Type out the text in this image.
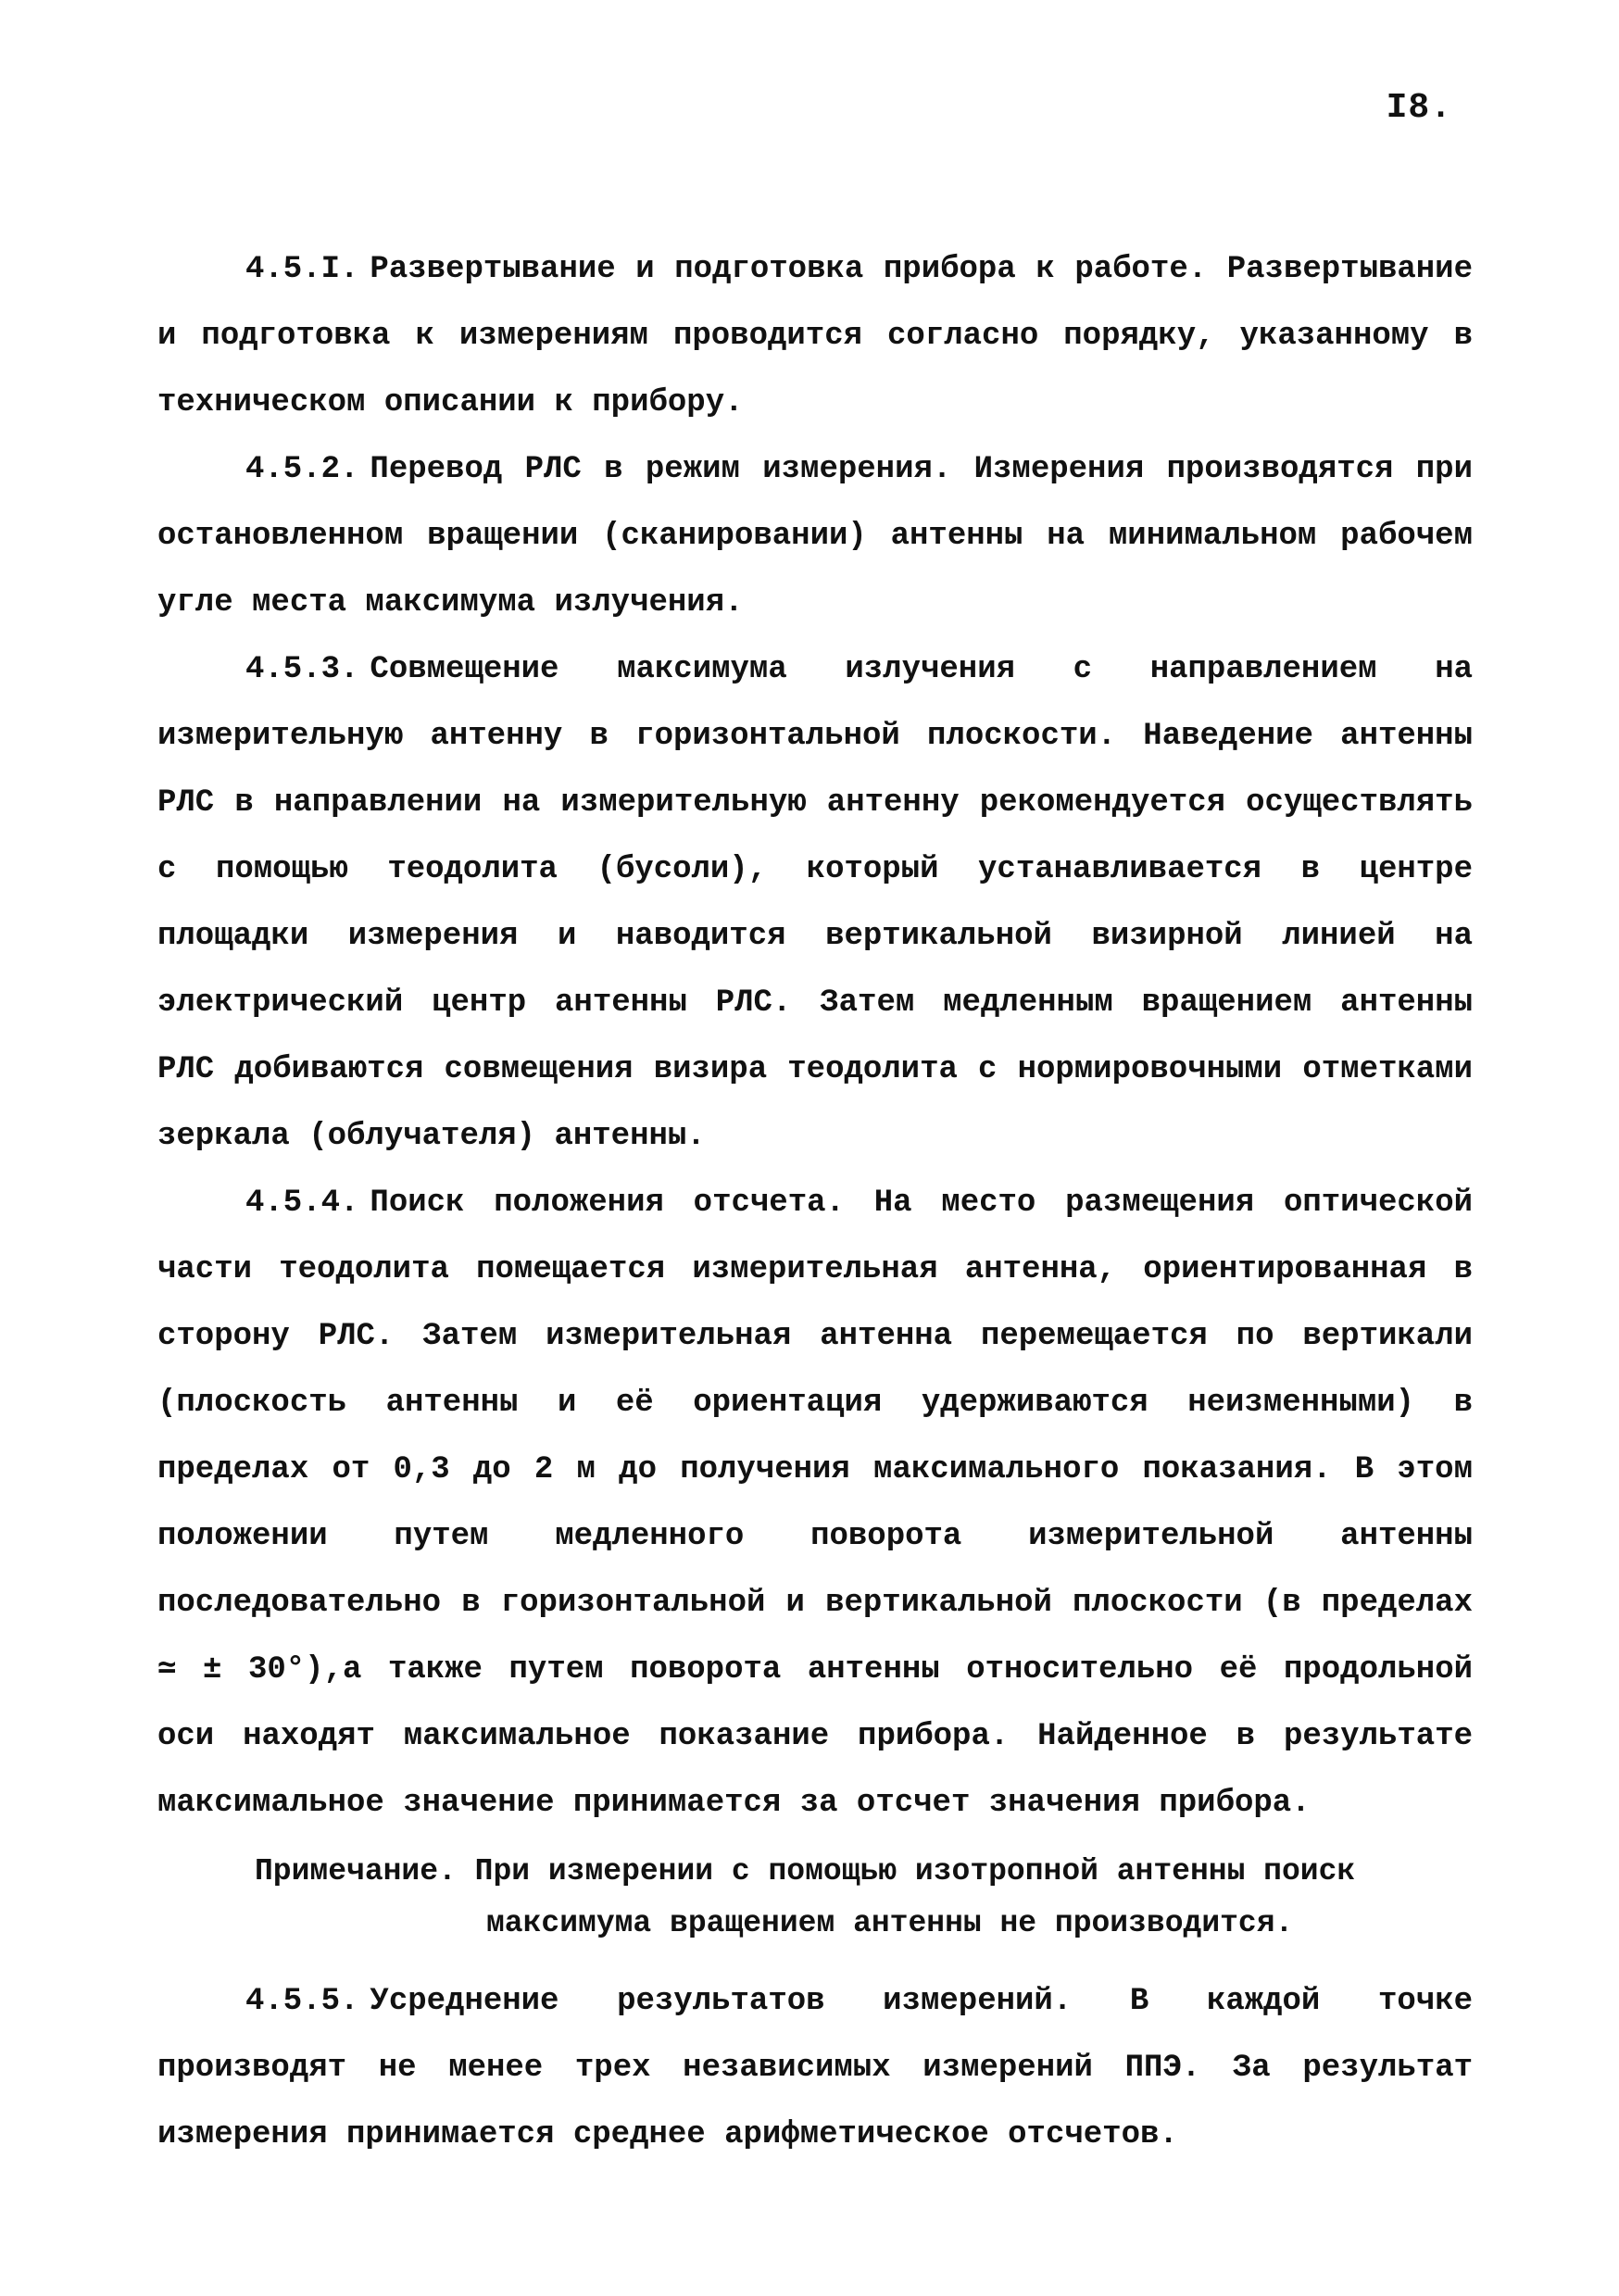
I8.

4.5.I. Развертывание и подготовка прибора к работе. Развертывание и подготовка к измерениям проводится согласно порядку, указанному в техническом описании к прибору.

4.5.2. Перевод РЛС в режим измерения. Измерения производятся при остановленном вращении (сканировании) антенны на минимальном рабочем угле места максимума излучения.

4.5.3. Совмещение максимума излучения с направлением на измерительную антенну в горизонтальной плоскости. Наведение антенны РЛС в направлении на измерительную антенну рекомендуется осуществлять с помощью теодолита (бусоли), который устанавливается в центре площадки измерения и наводится вертикальной визирной линией на электрический центр антенны РЛС. Затем медленным вращением антенны РЛС добиваются совмещения визира теодолита с нормировочными отметками зеркала (облучателя) антенны.

4.5.4. Поиск положения отсчета. На место размещения оптической части теодолита помещается измерительная антенна, ориентированная в сторону РЛС. Затем измерительная антенна перемещается по вертикали (плоскость антенны и её ориентация удерживаются неизменными) в пределах от 0,3 до 2 м до получения максимального показания. В этом положении путем медленного поворота измерительной антенны последовательно в горизонтальной и вертикальной плоскости (в пределах ≃ ± 30°),а также путем поворота антенны относительно её продольной оси находят максимальное показание прибора. Найденное в результате максимальное значение принимается за отсчет значения прибора.

Примечание. При измерении с помощью изотропной антенны поиск
максимума вращением антенны не производится.

4.5.5. Усреднение результатов измерений. В каждой точке производят не менее трех независимых измерений ППЭ. За результат измерения принимается среднее арифметическое отсчетов.
